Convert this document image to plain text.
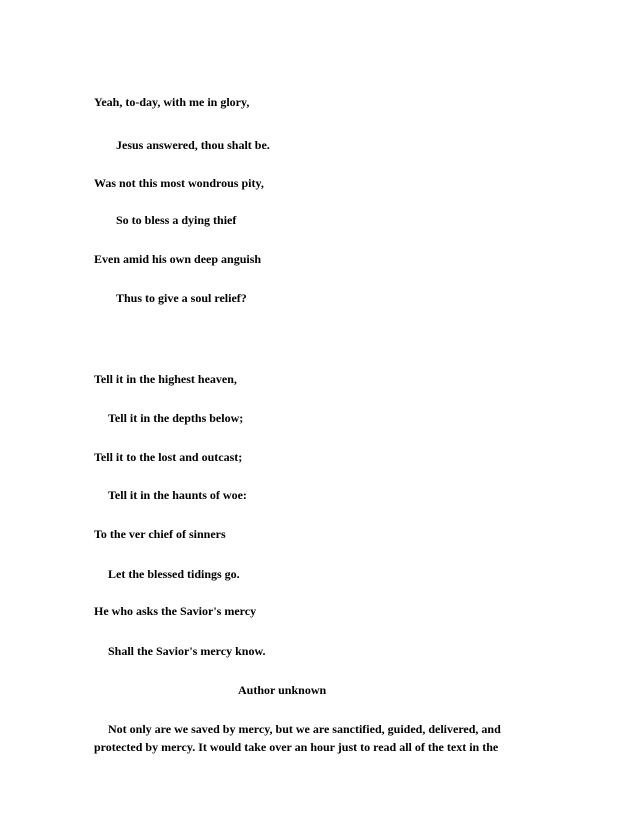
Yeah, to-day, with me in glory,
Jesus answered, thou shalt be.
Was not this most wondrous pity,
So to bless a dying thief
Even amid his own deep anguish
Thus to give a soul relief?
Tell it in the highest heaven,
Tell it in the depths below;
Tell it to the lost and outcast;
Tell it in the haunts of woe:
To the ver chief of sinners
Let the blessed tidings go.
He who asks the Savior's mercy
Shall the Savior's mercy know.
Author unknown
Not only are we saved by mercy, but we are sanctified, guided, delivered, and
protected by mercy. It would take over an hour just to read all of the text in the
